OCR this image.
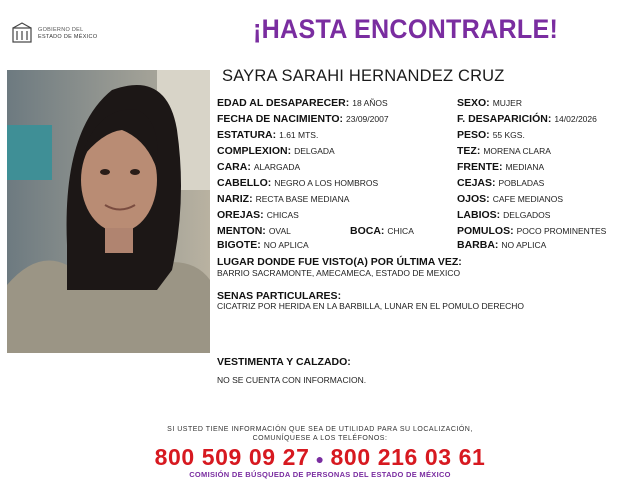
GOBIERNO DEL
ESTADO DE MÉXICO	¡HASTA ENCONTRARLE!
SAYRA SARAHI HERNANDEZ CRUZ
EDAD AL DESAPARECER: 18 AÑOS
FECHA DE NACIMIENTO: 23/09/2007
ESTATURA: 1.61 MTS.
COMPLEXION: DELGADA
CARA: ALARGADA
CABELLO: NEGRO A LOS HOMBROS
NARIZ: RECTA BASE MEDIANA
OREJAS: CHICAS
MENTON: OVAL	BOCA: CHICA
BIGOTE: NO APLICA
SEXO: MUJER
F. DESAPARICIÓN: 14/02/2026
PESO: 55 KGS.
TEZ: MORENA CLARA
FRENTE: MEDIANA
CEJAS: POBLADAS
OJOS: CAFE MEDIANOS
LABIOS: DELGADOS
POMULOS: POCO PROMINENTES
BARBA: NO APLICA
LUGAR DONDE FUE VISTO(A) POR ÚLTIMA VEZ:
BARRIO SACRAMONTE, AMECAMECA, ESTADO DE MEXICO
SENAS PARTICULARES:
CICATRIZ POR HERIDA EN LA BARBILLA, LUNAR EN EL POMULO DERECHO
VESTIMENTA Y CALZADO:
NO SE CUENTA CON INFORMACION.
SI USTED TIENE INFORMACIÓN QUE SEA DE UTILIDAD PARA SU LOCALIZACIÓN,
COMUNÍQUESE A LOS TELÉFONOS:
800 509 09 27 ● 800 216 03 61
COMISIÓN DE BÚSQUEDA DE PERSONAS DEL ESTADO DE MÉXICO
